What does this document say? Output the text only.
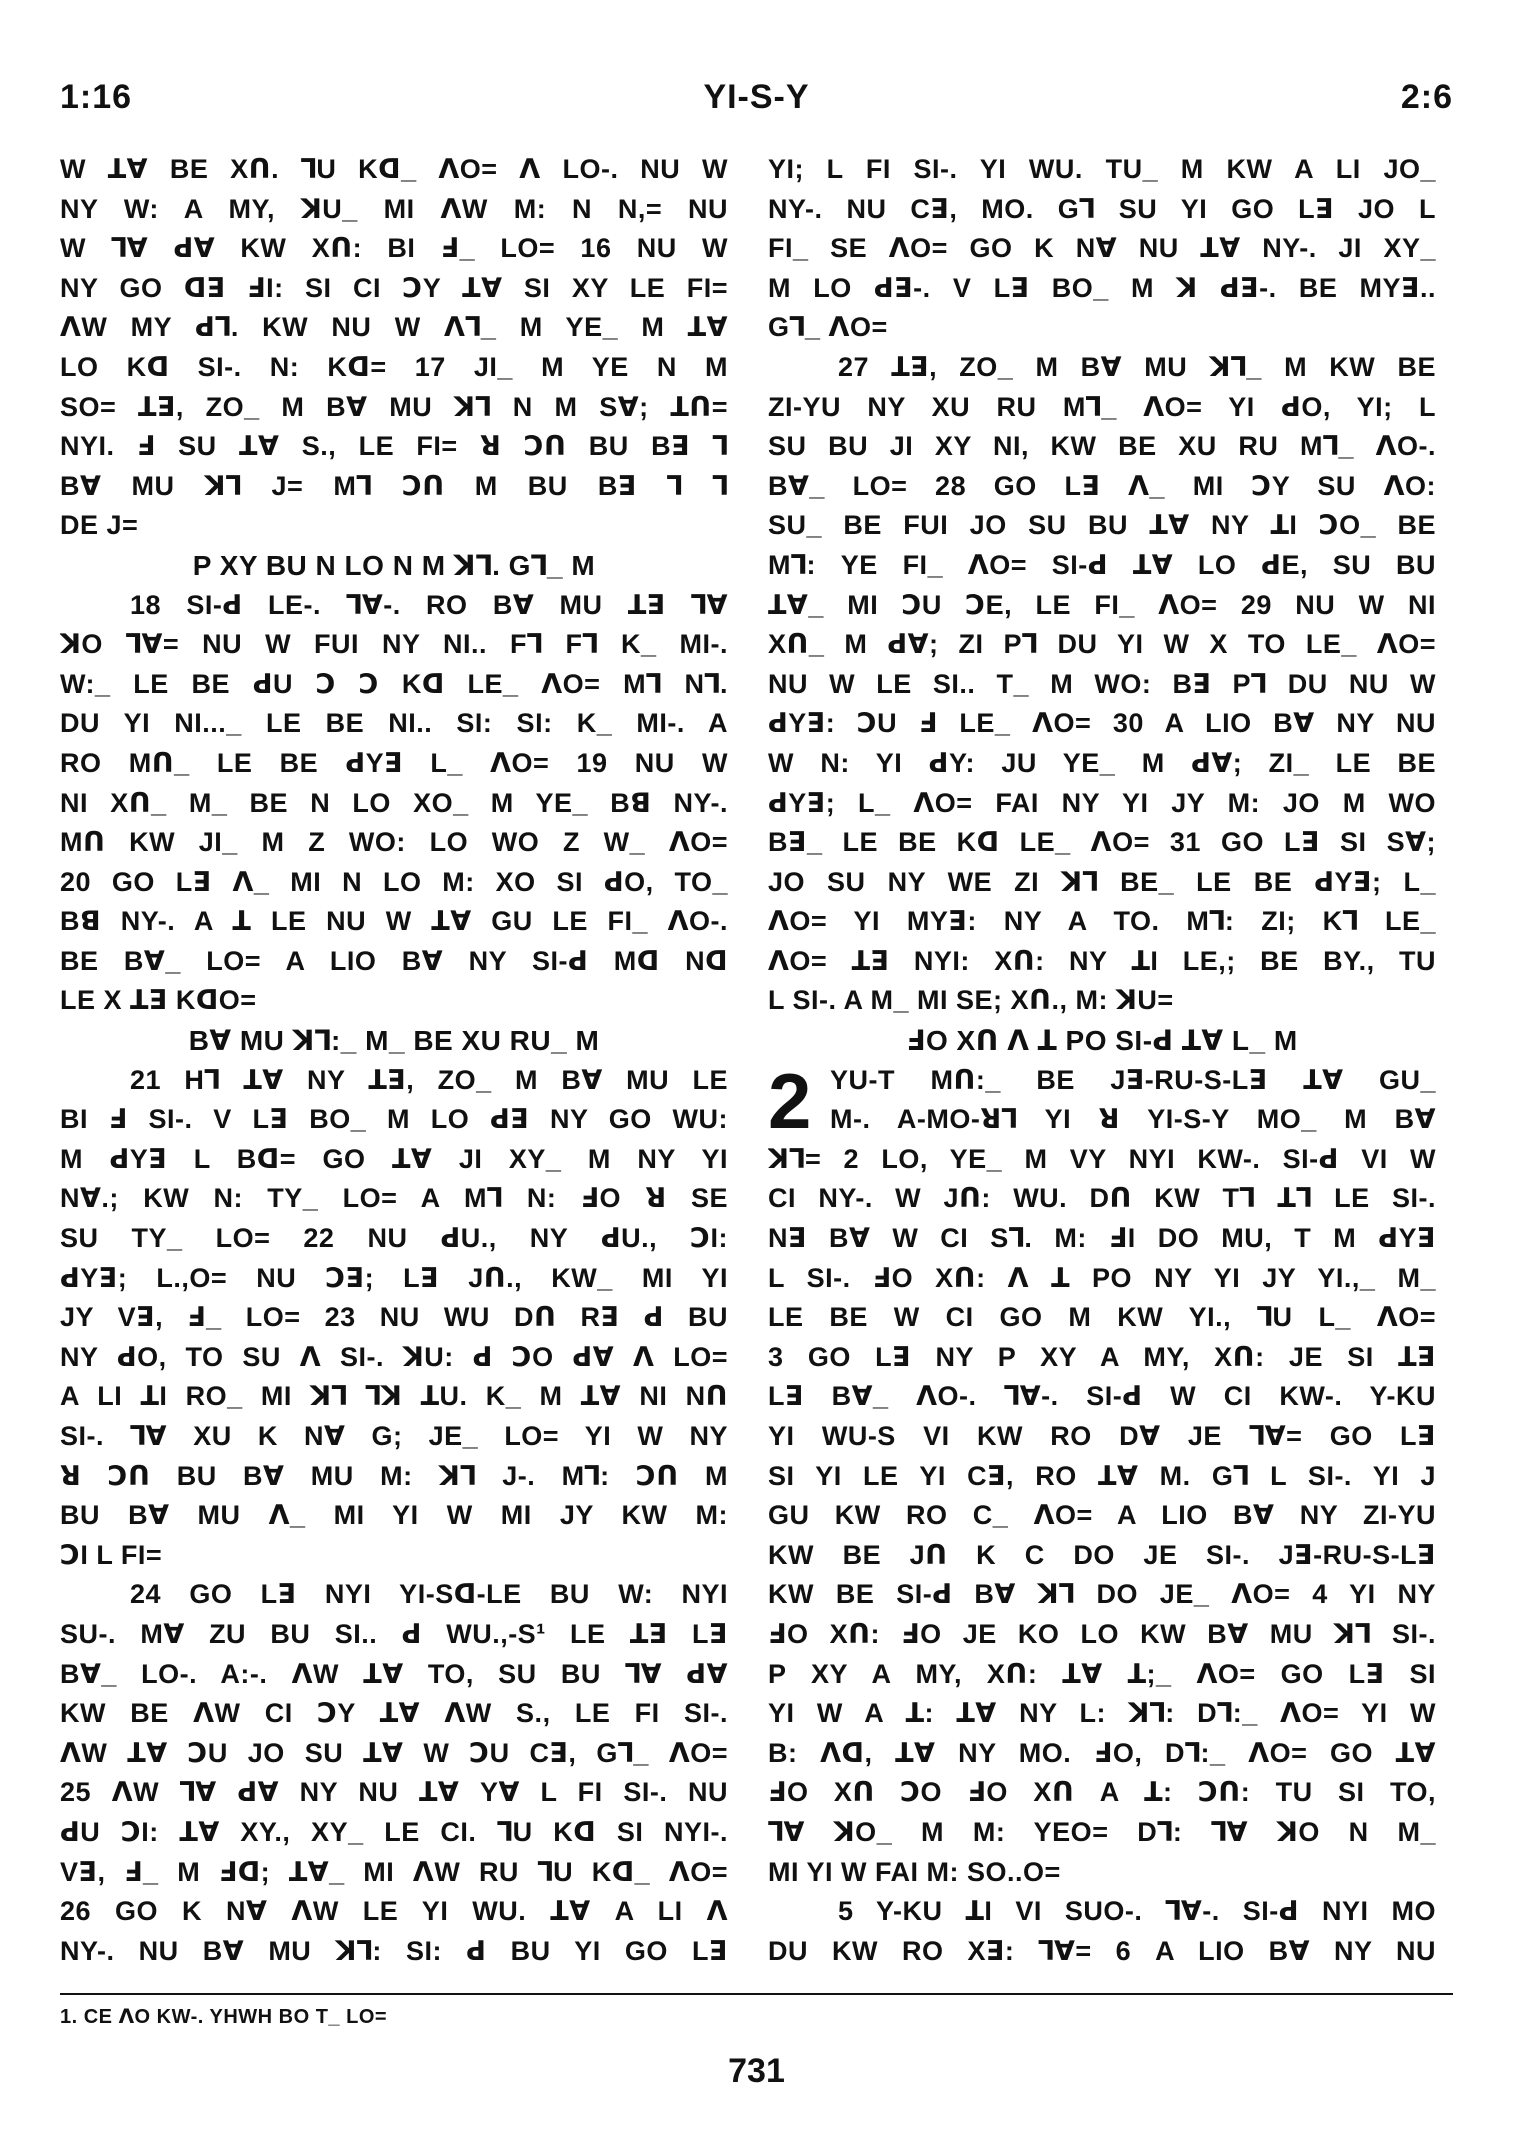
1:16	YI-S-Y	2:6
W ꓕ∀ BE Xꓵ. ꓶU Kꓷ_ ꓥO= ꓥ LO-. NU W
NY W: A MY, ꓘU_ MI ꓥW M: N N,= NU
W ꓶ∀ ꓒ∀ KW Xꓵ: BI ꓞ_ LO= 16 NU W
NY GO ꓷꓱ ꓞI: SI CI ꓛY ꓕ∀ SI XY LE FI=
ꓥW MY ꓒꓶ. KW NU W ꓥꓶ_ M YE_ M ꓕ∀
LO Kꓷ SI-. N: Kꓷ= 17 JI_ M YE N M
SO= ꓕꓱ, ZO_ M B∀ MU ꓘꓶ N M S∀; ꓕꓵ=
NYI. ꓞ SU ꓕ∀ S., LE FI= ꓤ ꓛꓵ BU Bꓱ ꓶ
B∀ MU ꓘꓶ J= Mꓶ ꓛꓵ M BU Bꓱ ꓶ ꓶ
DE J=
P XY BU N LO N M ꓘꓶ. Gꓶ_ M
18 SI-ꓒ LE-. ꓶ∀-. RO B∀ MU ꓕꓱ ꓶ∀
ꓘO ꓶ∀= NU W FUI NY NI.. Fꓶ Fꓶ K_ MI-.
W:_ LE BE ꓒU ꓛ ꓛ Kꓷ LE_ ꓥO= Mꓶ Nꓶ.
DU YI NI..._ LE BE NI.. SI: SI: K_ MI-. A
RO Mꓵ_ LE BE ꓒYꓱ L_ ꓥO= 19 NU W
NI Xꓵ_ M_ BE N LO XO_ M YE_ Bꓭ NY-.
Mꓵ KW JI_ M Z WO: LO WO Z W_ ꓥO=
20 GO Lꓱ ꓥ_ MI N LO M: XO SI ꓒO, TO_
Bꓭ NY-. A ꓕ LE NU W ꓕ∀ GU LE FI_ ꓥO-.
BE B∀_ LO= A LIO B∀ NY SI-ꓒ Mꓷ Nꓷ
LE X ꓕꓱ KꓷO=
B∀ MU ꓘꓶ:_ M_ BE XU RU_ M
21 Hꓶ ꓕ∀ NY ꓕꓱ, ZO_ M B∀ MU LE
BI ꓞ SI-. V Lꓱ BO_ M LO ꓒꓱ NY GO WU:
M ꓒYꓱ L Bꓷ= GO ꓕ∀ JI XY_ M NY YI
N∀.; KW N: TY_ LO= A Mꓶ N: ꓞO ꓤ SE
SU TY_ LO= 22 NU ꓒU., NY ꓒU., ꓛI:
ꓒYꓱ; L.,O= NU ꓛꓱ; Lꓱ Jꓵ., KW_ MI YI
JY Vꓱ, ꓞ_ LO= 23 NU WU Dꓵ Rꓱ ꓒ BU
NY ꓒO, TO SU ꓥ SI-. ꓘU: ꓒ ꓛO ꓒ∀ ꓥ LO=
A LI ꓕI RO_ MI ꓘꓶ ꓶꓘ ꓕU. K_ M ꓕ∀ NI Nꓵ
SI-. ꓶ∀ XU K N∀ G; JE_ LO= YI W NY
ꓤ ꓛꓵ BU B∀ MU M: ꓘꓶ J-. Mꓶ: ꓛꓵ M
BU B∀ MU ꓥ_ MI YI W MI JY KW M:
ꓛI L FI=
24 GO Lꓱ NYI YI-Sꓷ-LE BU W: NYI
SU-. M∀ ZU BU SI.. ꓒ WU.,-S¹ LE ꓕꓱ Lꓱ
B∀_ LO-. A:-. ꓥW ꓕ∀ TO, SU BU ꓶ∀ ꓒ∀
KW BE ꓥW CI ꓛY ꓕ∀ ꓥW S., LE FI SI-.
ꓥW ꓕ∀ ꓛU JO SU ꓕ∀ W ꓛU Cꓱ, Gꓶ_ ꓥO=
25 ꓥW ꓶ∀ ꓒ∀ NY NU ꓕ∀ Y∀ L FI SI-. NU
ꓒU ꓛI: ꓕ∀ XY., XY_ LE CI. ꓶU Kꓷ SI NYI-.
Vꓱ, ꓞ_ M ꓞꓷ; ꓕ∀_ MI ꓥW RU ꓶU Kꓷ_ ꓥO=
26 GO K N∀ ꓥW LE YI WU. ꓕ∀ A LI ꓥ
NY-. NU B∀ MU ꓘꓶ: SI: ꓒ BU YI GO Lꓱ
YI; L FI SI-. YI WU. TU_ M KW A LI JO_
NY-. NU Cꓱ, MO. Gꓶ SU YI GO Lꓱ JO L
FI_ SE ꓥO= GO K N∀ NU ꓕ∀ NY-. JI XY_
M LO ꓒꓱ-. V Lꓱ BO_ M ꓘ ꓒꓱ-. BE MYꓱ..
Gꓶ_ ꓥO=
27 ꓕꓱ, ZO_ M B∀ MU ꓘꓶ_ M KW BE
ZI-YU NY XU RU Mꓶ_ ꓥO= YI ꓒO, YI; L
SU BU JI XY NI, KW BE XU RU Mꓶ_ ꓥO-.
B∀_ LO= 28 GO Lꓱ ꓥ_ MI ꓛY SU ꓥO:
SU_ BE FUI JO SU BU ꓕ∀ NY ꓕI ꓛO_ BE
Mꓶ: YE FI_ ꓥO= SI-ꓒ ꓕ∀ LO ꓒE, SU BU
ꓕ∀_ MI ꓛU ꓛE, LE FI_ ꓥO= 29 NU W NI
Xꓵ_ M ꓒ∀; ZI Pꓶ DU YI W X TO LE_ ꓥO=
NU W LE SI.. T_ M WO: Bꓱ Pꓶ DU NU W
ꓒYꓱ: ꓛU ꓞ LE_ ꓥO= 30 A LIO B∀ NY NU
W N: YI ꓒY: JU YE_ M ꓒ∀; ZI_ LE BE
ꓒYꓱ; L_ ꓥO= FAI NY YI JY M: JO M WO
Bꓱ_ LE BE Kꓷ LE_ ꓥO= 31 GO Lꓱ SI S∀;
JO SU NY WE ZI ꓘꓶ BE_ LE BE ꓒYꓱ; L_
ꓥO= YI MYꓱ: NY A TO. Mꓶ: ZI; Kꓶ LE_
ꓥO= ꓕꓱ NYI: Xꓵ: NY ꓕI LE,; BE BY., TU
L SI-. A M_ MI SE; Xꓵ., M: ꓘU=
ꓞO Xꓵ ꓥ ꓕ PO SI-ꓒ ꓕ∀ L_ M
2 YU-T Mꓵ:_ BE Jꓱ-RU-S-Lꓱ ꓕ∀ GU_
M-. A-MO-ꓤꓶ YI ꓤ YI-S-Y MO_ M B∀
ꓘꓶ= 2 LO, YE_ M VY NYI KW-. SI-ꓒ VI W
CI NY-. W Jꓵ: WU. Dꓵ KW Tꓶ ꓕꓶ LE SI-.
Nꓱ B∀ W CI Sꓶ. M: ꓞI DO MU, T M ꓒYꓱ
L SI-. ꓞO Xꓵ: ꓥ ꓕ PO NY YI JY YI.,_ M_
LE BE W CI GO M KW YI., ꓶU L_ ꓥO=
3 GO Lꓱ NY P XY A MY, Xꓵ: JE SI ꓕꓱ
Lꓱ B∀_ ꓥO-. ꓶ∀-. SI-ꓒ W CI KW-. Y-KU
YI WU-S VI KW RO D∀ JE ꓶ∀= GO Lꓱ
SI YI LE YI Cꓱ, RO ꓕ∀ M. Gꓶ L SI-. YI J
GU KW RO C_ ꓥO= A LIO B∀ NY ZI-YU
KW BE Jꓵ K C DO JE SI-. Jꓱ-RU-S-Lꓱ
KW BE SI-ꓒ B∀ ꓘꓶ DO JE_ ꓥO= 4 YI NY
ꓞO Xꓵ: ꓞO JE KO LO KW B∀ MU ꓘꓶ SI-.
P XY A MY, Xꓵ: ꓕ∀ ꓕ;_ ꓥO= GO Lꓱ SI
YI W A ꓕ: ꓕ∀ NY L: ꓘꓶ: Dꓶ:_ ꓥO= YI W
B: ꓥꓷ, ꓕ∀ NY MO. ꓞO, Dꓶ:_ ꓥO= GO ꓕ∀
ꓞO Xꓵ ꓛO ꓞO Xꓵ A ꓕ: ꓛꓵ: TU SI TO,
ꓶ∀ ꓘO_ M M: YEO= Dꓶ: ꓶ∀ ꓘO N M_
MI YI W FAI M: SO..O=
5 Y-KU ꓕI VI SUO-. ꓶ∀-. SI-ꓒ NYI MO
DU KW RO Xꓱ: ꓶ∀= 6 A LIO B∀ NY NU
1. CE ꓥO KW-. YHWH BO T_ LO=
731
